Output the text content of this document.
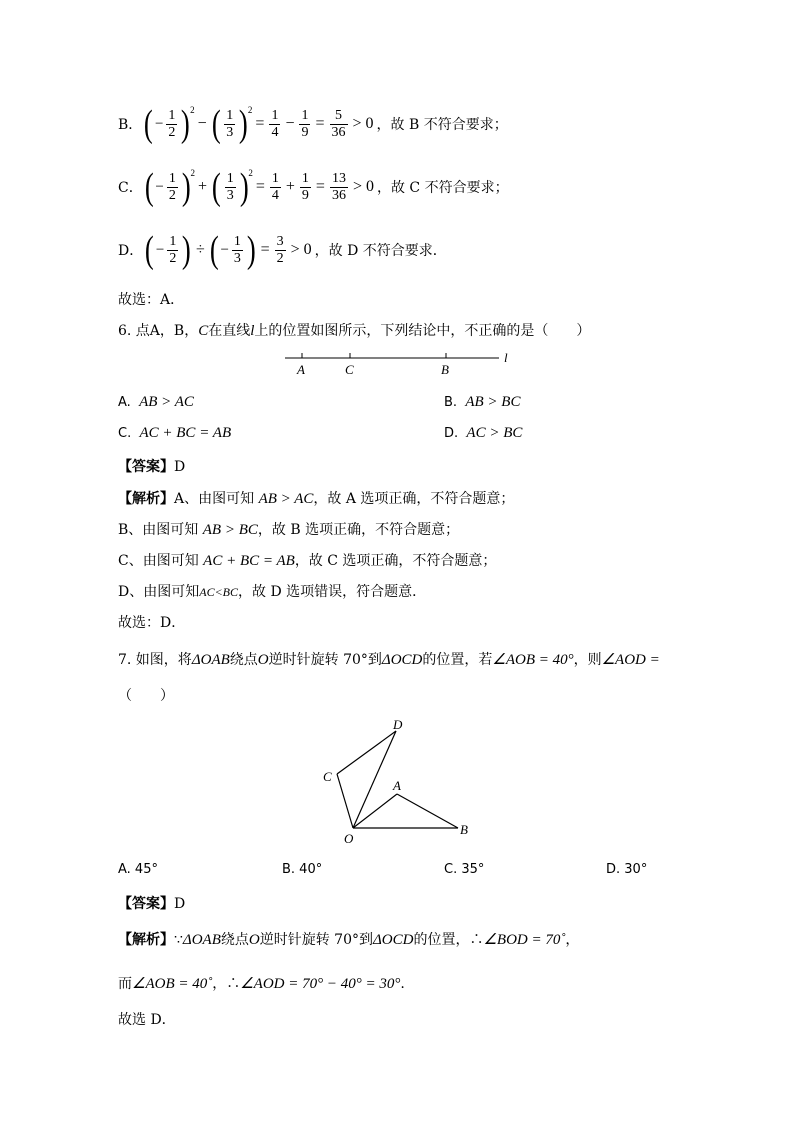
B． ( − $\frac{1}{2}$ ) 2
− ( $\frac{1}{3}$ ) 2
= $\frac{1}{4} - \frac{1}{9} = \frac{5}{36} > 0$ ，故 B 不符合要求；
C． ( − $\frac{1}{2}$ ) 2
+ ( $\frac{1}{3}$ ) 2
= $\frac{1}{4} + \frac{1}{9} = \frac{13}{36} > 0$ ，故 C 不符合要求；
D． ( − $\frac{1}{2}$ ) ÷ ( − $\frac{1}{3}$ ) = $\frac{3}{2} > 0$ ，故 D 不符合要求．
故选：A．
6. 点A，B，C在直线l上的位置如图所示，下列结论中，不正确的是（　　）
A	C	B
l
A. AB > AC	B. AB > BC
C. AC + BC = AB	D. AC > BC
【答案】D
【解析】A、由图可知 AB > AC，故 A 选项正确，不符合题意；
B、由图可知 AB > BC，故 B 选项正确，不符合题意；
C、由图可知 AC + BC = AB，故 C 选项正确，不符合题意；
D、由图可知AC<BC，故 D 选项错误，符合题意．
故选：D．
7. 如图，将ΔOAB绕点O逆时针旋转 70°到ΔOCD的位置，若∠AOB = 40°，则∠AOD =
（　　）
D
C
A
B
O
A. 45°	B. 40°	C. 35°	D. 30°
【答案】D
【解析】∵ΔOAB绕点O逆时针旋转 70°到ΔOCD的位置，∴∠BOD = 70˚，
而∠AOB = 40˚，∴∠AOD = 70° − 40° = 30°.
故选 D．
